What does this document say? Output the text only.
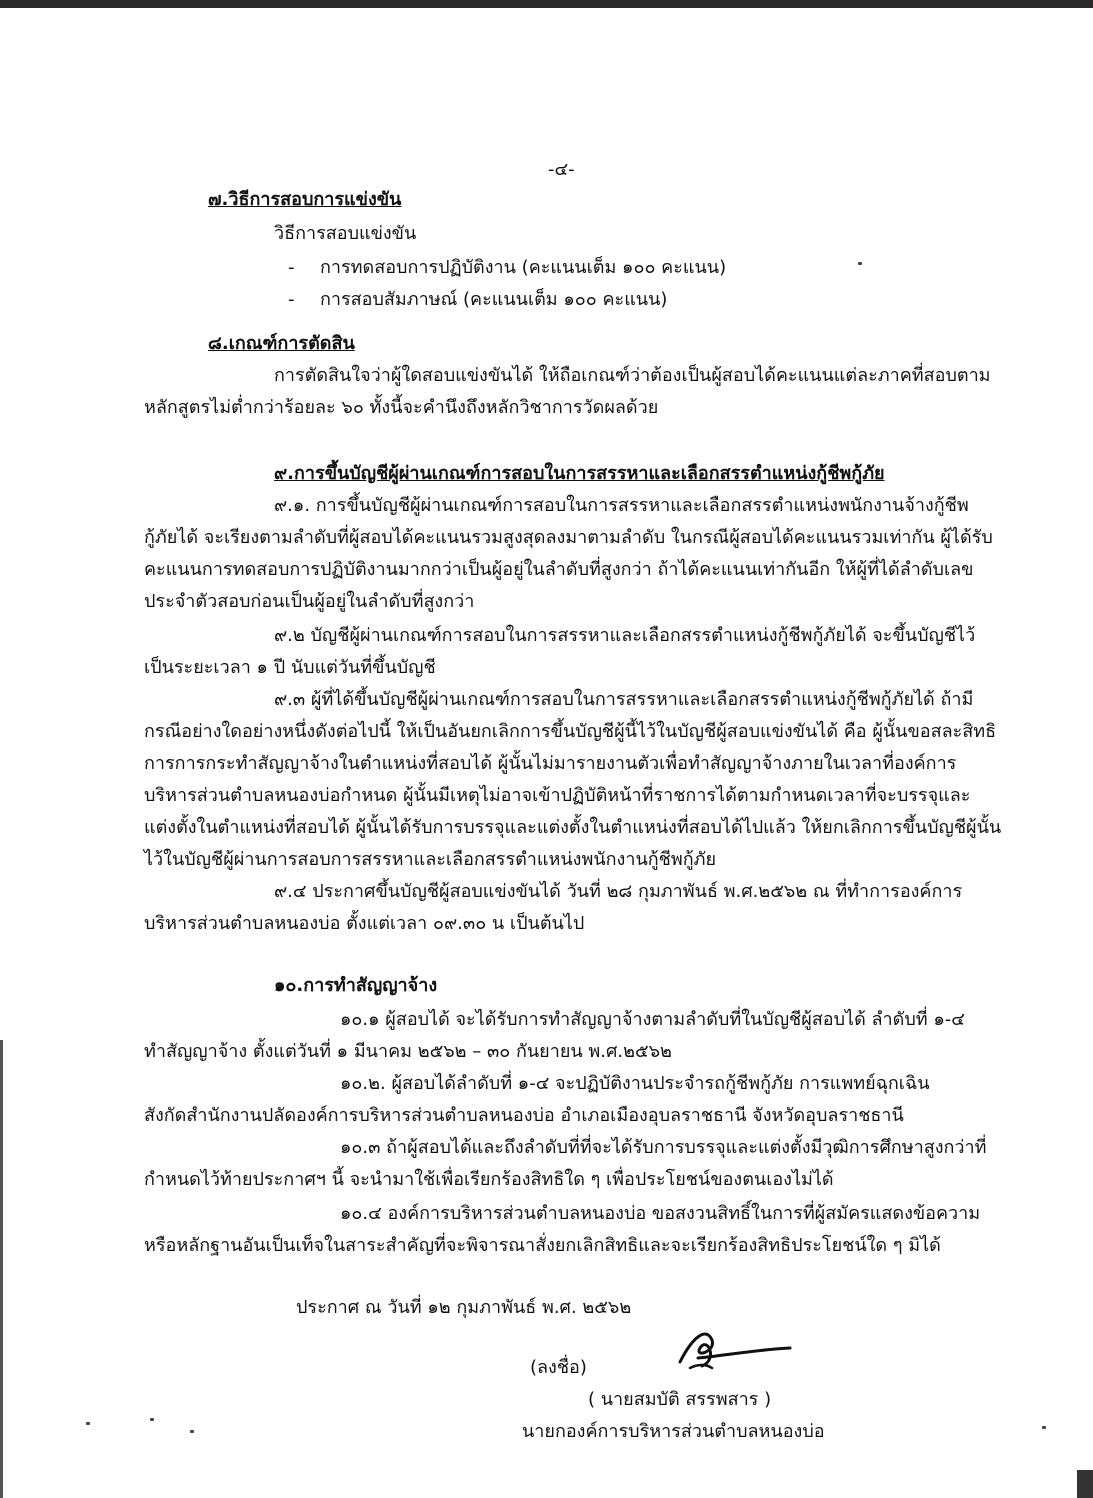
-๔-
๗.วิธีการสอบการแข่งขัน
วิธีการสอบแข่งขัน
- การทดสอบการปฏิบัติงาน (คะแนนเต็ม ๑๐๐ คะแนน)
- การสอบสัมภาษณ์ (คะแนนเต็ม ๑๐๐ คะแนน)
๘.เกณฑ์การตัดสิน
การตัดสินใจว่าผู้ใดสอบแข่งขันได้ ให้ถือเกณฑ์ว่าต้องเป็นผู้สอบได้คะแนนแต่ละภาคที่สอบตาม
หลักสูตรไม่ต่ำกว่าร้อยละ ๖๐ ทั้งนี้จะคำนึงถึงหลักวิชาการวัดผลด้วย
๙.การขึ้นบัญชีผู้ผ่านเกณฑ์การสอบในการสรรหาและเลือกสรรตำแหน่งกู้ชีพกู้ภัย
๙.๑. การขึ้นบัญชีผู้ผ่านเกณฑ์การสอบในการสรรหาและเลือกสรรตำแหน่งพนักงานจ้างกู้ชีพ
กู้ภัยได้ จะเรียงตามลำดับที่ผู้สอบได้คะแนนรวมสูงสุดลงมาตามลำดับ ในกรณีผู้สอบได้คะแนนรวมเท่ากัน ผู้ได้รับ
คะแนนการทดสอบการปฏิบัติงานมากกว่าเป็นผู้อยู่ในลำดับที่สูงกว่า ถ้าได้คะแนนเท่ากันอีก ให้ผู้ที่ได้ลำดับเลข
ประจำตัวสอบก่อนเป็นผู้อยู่ในลำดับที่สูงกว่า
๙.๒ บัญชีผู้ผ่านเกณฑ์การสอบในการสรรหาและเลือกสรรตำแหน่งกู้ชีพกู้ภัยได้ จะขึ้นบัญชีไว้
เป็นระยะเวลา ๑ ปี นับแต่วันที่ขึ้นบัญชี
๙.๓ ผู้ที่ได้ขึ้นบัญชีผู้ผ่านเกณฑ์การสอบในการสรรหาและเลือกสรรตำแหน่งกู้ชีพกู้ภัยได้ ถ้ามี
กรณีอย่างใดอย่างหนึ่งดังต่อไปนี้ ให้เป็นอันยกเลิกการขึ้นบัญชีผู้นี้ไว้ในบัญชีผู้สอบแข่งขันได้ คือ ผู้นั้นขอสละสิทธิ
การการกระทำสัญญาจ้างในตำแหน่งที่สอบได้ ผู้นั้นไม่มารายงานตัวเพื่อทำสัญญาจ้างภายในเวลาที่องค์การ
บริหารส่วนตำบลหนองบ่อกำหนด ผู้นั้นมีเหตุไม่อาจเข้าปฏิบัติหน้าที่ราชการได้ตามกำหนดเวลาที่จะบรรจุและ
แต่งตั้งในตำแหน่งที่สอบได้ ผู้นั้นได้รับการบรรจุและแต่งตั้งในตำแหน่งที่สอบได้ไปแล้ว ให้ยกเลิกการขึ้นบัญชีผู้นั้น
ไว้ในบัญชีผู้ผ่านการสอบการสรรหาและเลือกสรรตำแหน่งพนักงานกู้ชีพกู้ภัย
๙.๔ ประกาศขึ้นบัญชีผู้สอบแข่งขันได้ วันที่ ๒๘ กุมภาพันธ์ พ.ศ.๒๕๖๒ ณ ที่ทำการองค์การ
บริหารส่วนตำบลหนองบ่อ ตั้งแต่เวลา ๐๙.๓๐ น เป็นต้นไป
๑๐.การทำสัญญาจ้าง
๑๐.๑ ผู้สอบได้ จะได้รับการทำสัญญาจ้างตามลำดับที่ในบัญชีผู้สอบได้ ลำดับที่ ๑-๔
ทำสัญญาจ้าง ตั้งแต่วันที่ ๑ มีนาคม ๒๕๖๒ – ๓๐ กันยายน พ.ศ.๒๕๖๒
๑๐.๒. ผู้สอบได้ลำดับที่ ๑-๔ จะปฏิบัติงานประจำรถกู้ชีพกู้ภัย การแพทย์ฉุกเฉิน
สังกัดสำนักงานปลัดองค์การบริหารส่วนตำบลหนองบ่อ อำเภอเมืองอุบลราชธานี จังหวัดอุบลราชธานี
๑๐.๓ ถ้าผู้สอบได้และถึงลำดับที่ที่จะได้รับการบรรจุและแต่งตั้งมีวุฒิการศึกษาสูงกว่าที่
กำหนดไว้ท้ายประกาศฯ นี้ จะนำมาใช้เพื่อเรียกร้องสิทธิใด ๆ เพื่อประโยชน์ของตนเองไม่ได้
๑๐.๔ องค์การบริหารส่วนตำบลหนองบ่อ ขอสงวนสิทธิ์ในการที่ผู้สมัครแสดงข้อความ
หรือหลักฐานอันเป็นเท็จในสาระสำคัญที่จะพิจารณาสั่งยกเลิกสิทธิและจะเรียกร้องสิทธิประโยชน์ใด ๆ มิได้
ประกาศ ณ วันที่ ๑๒ กุมภาพันธ์ พ.ศ. ๒๕๖๒
(ลงชื่อ)
( นายสมบัติ สรรพสาร )
นายกองค์การบริหารส่วนตำบลหนองบ่อ
